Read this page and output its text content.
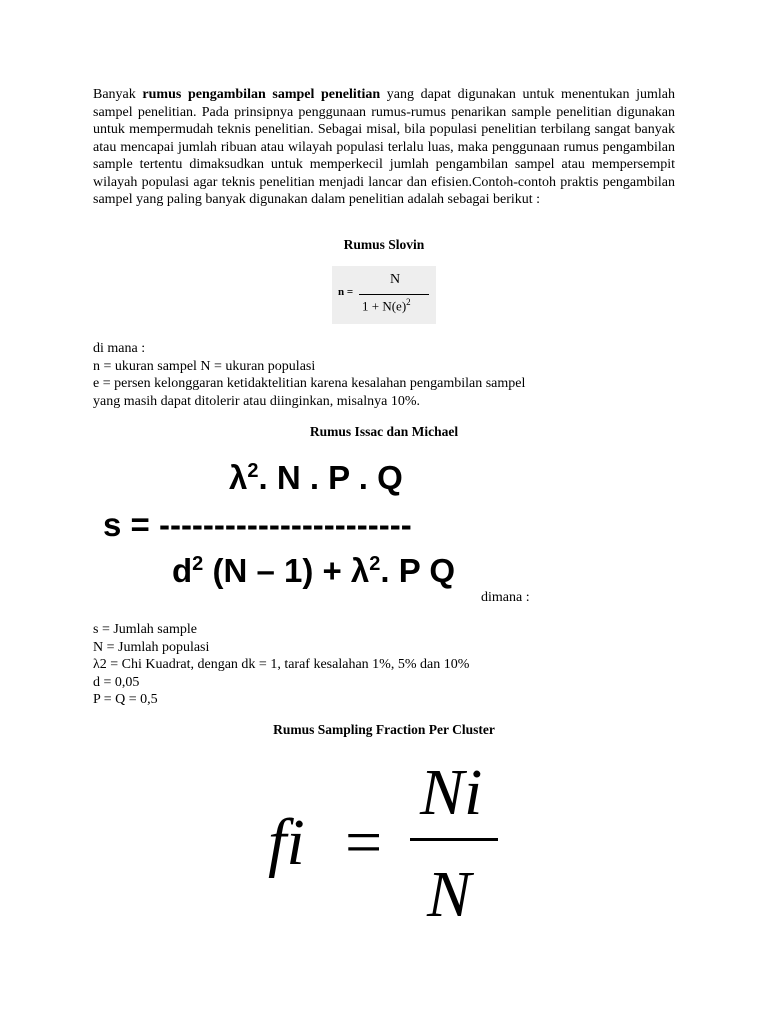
Banyak rumus pengambilan sampel penelitian yang dapat digunakan untuk menentukan jumlah sampel penelitian. Pada prinsipnya penggunaan rumus-rumus penarikan sample penelitian digunakan untuk mempermudah teknis penelitian. Sebagai misal, bila populasi penelitian terbilang sangat banyak atau mencapai jumlah ribuan atau wilayah populasi terlalu luas, maka penggunaan rumus pengambilan sample tertentu dimaksudkan untuk memperkecil jumlah pengambilan sampel atau mempersempit wilayah populasi agar teknis penelitian menjadi lancar dan efisien.Contoh-contoh praktis pengambilan sampel yang paling banyak digunakan dalam penelitian adalah sebagai berikut :

Rumus Slovin
n =
N
$1 + N(e)^2$
di mana :
n = ukuran sampel N = ukuran populasi
e = persen kelonggaran ketidaktelitian karena kesalahan pengambilan sampel
yang masih dapat ditolerir atau diinginkan, misalnya 10%.
Rumus Issac dan Michael
$\lambda^2$. N . P . Q
s = -----------------------
$d^2$ $(N - 1) + \lambda^2$. P Q
dimana :
s = Jumlah sample
N = Jumlah populasi
λ2 = Chi Kuadrat, dengan dk = 1, taraf kesalahan 1%, 5% dan 10%
d = 0,05
P = Q = 0,5
Rumus Sampling Fraction Per Cluster
fi =
Ni
N
